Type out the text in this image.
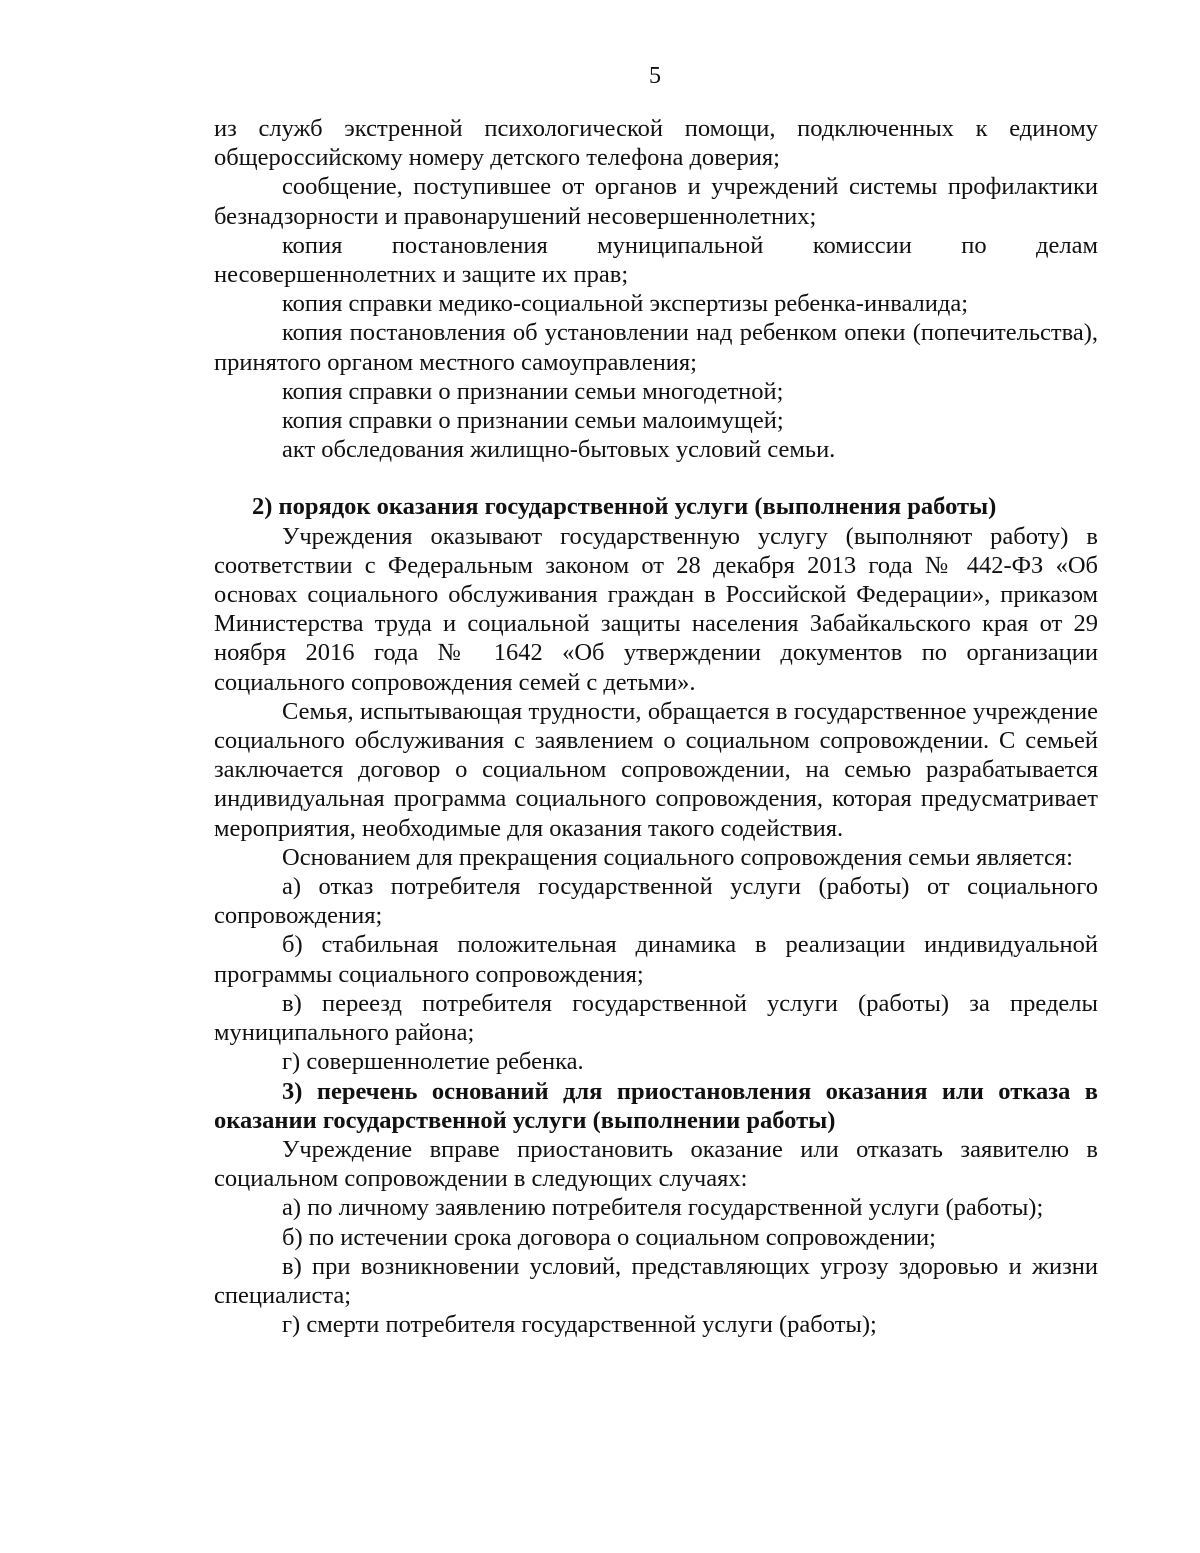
5

из служб экстренной психологической помощи, подключенных к единому общероссийскому номеру детского телефона доверия;

сообщение, поступившее от органов и учреждений системы профилактики безнадзорности и правонарушений несовершеннолетних;

копия постановления муниципальной комиссии по делам несовершеннолетних и защите их прав;

копия справки медико-социальной экспертизы ребенка-инвалида;

копия постановления об установлении над ребенком опеки (попечительства), принятого органом местного самоуправления;

копия справки о признании семьи многодетной;

копия справки о признании семьи малоимущей;

акт обследования жилищно-бытовых условий семьи.

2) порядок оказания государственной услуги (выполнения работы)

Учреждения оказывают государственную услугу (выполняют работу) в соответствии с Федеральным законом от 28 декабря 2013 года № 442-ФЗ «Об основах социального обслуживания граждан в Российской Федерации», приказом Министерства труда и социальной защиты населения Забайкальского края от 29 ноября 2016 года № 1642 «Об утверждении документов по организации социального сопровождения семей с детьми».

Семья, испытывающая трудности, обращается в государственное учреждение социального обслуживания с заявлением о социальном сопровождении. С семьей заключается договор о социальном сопровождении, на семью разрабатывается индивидуальная программа социального сопровождения, которая предусматривает мероприятия, необходимые для оказания такого содействия.

Основанием для прекращения социального сопровождения семьи является:

а) отказ потребителя государственной услуги (работы) от социального сопровождения;

б) стабильная положительная динамика в реализации индивидуальной программы социального сопровождения;

в) переезд потребителя государственной услуги (работы) за пределы муниципального района;

г) совершеннолетие ребенка.

3) перечень оснований для приостановления оказания или отказа в оказании государственной услуги (выполнении работы)

Учреждение вправе приостановить оказание или отказать заявителю в социальном сопровождении в следующих случаях:

а) по личному заявлению потребителя государственной услуги (работы);

б) по истечении срока договора о социальном сопровождении;

в) при возникновении условий, представляющих угрозу здоровью и жизни специалиста;

г) смерти потребителя государственной услуги (работы);
